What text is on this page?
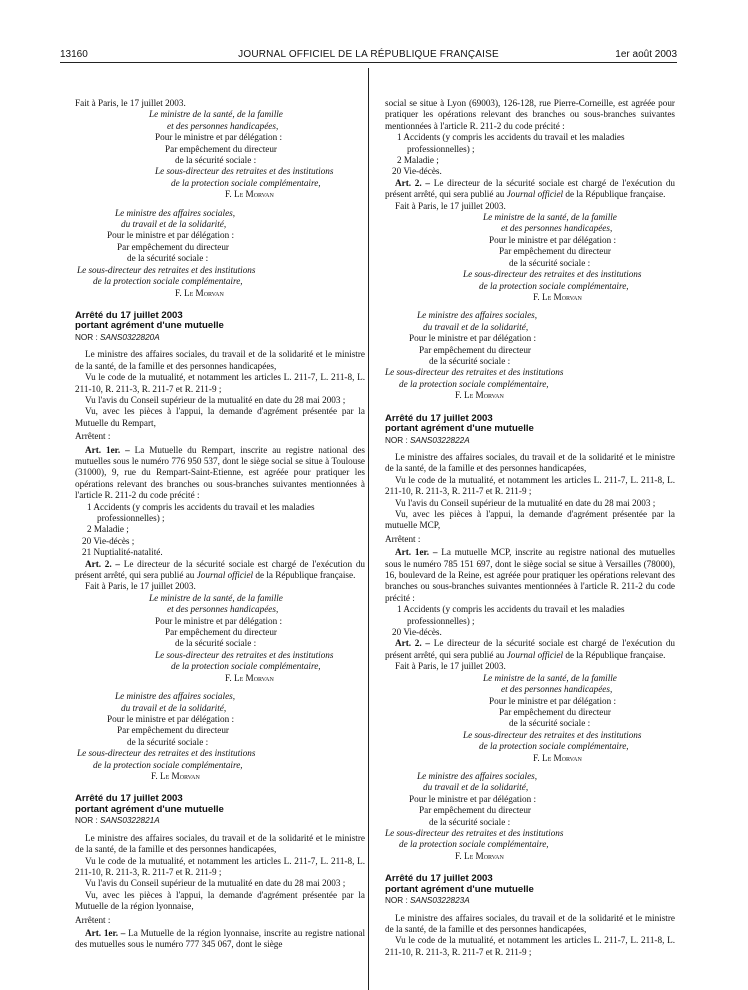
13160	JOURNAL OFFICIEL DE LA RÉPUBLIQUE FRANÇAISE	1er août 2003

Fait à Paris, le 17 juillet 2003.

Le ministre de la santé, de la famille

et des personnes handicapées,

Pour le ministre et par délégation :

Par empêchement du directeur

de la sécurité sociale :

Le sous-directeur des retraites et des institutions

de la protection sociale complémentaire,

F. Le Morvan

Le ministre des affaires sociales,

du travail et de la solidarité,

Pour le ministre et par délégation :

Par empêchement du directeur

de la sécurité sociale :

Le sous-directeur des retraites et des institutions

de la protection sociale complémentaire,

F. Le Morvan

Arrêté du 17 juillet 2003
portant agrément d'une mutuelle

NOR : SANS0322820A

Le ministre des affaires sociales, du travail et de la solidarité et le ministre de la santé, de la famille et des personnes handicapées,

Vu le code de la mutualité, et notamment les articles L. 211-7, L. 211-8, L. 211-10, R. 211-3, R. 211-7 et R. 211-9 ;

Vu l'avis du Conseil supérieur de la mutualité en date du 28 mai 2003 ;

Vu, avec les pièces à l'appui, la demande d'agrément présentée par la Mutuelle du Rempart,

Arrêtent :

Art. 1er. – La Mutuelle du Rempart, inscrite au registre national des mutuelles sous le numéro 776 950 537, dont le siège social se situe à Toulouse (31000), 9, rue du Rempart-Saint-Etienne, est agréée pour pratiquer les opérations relevant des branches ou sous-branches suivantes mentionnées à l'article R. 211-2 du code précité :

1 Accidents (y compris les accidents du travail et les maladies

professionnelles) ;

2 Maladie ;

20 Vie-décès ;

21 Nuptialité-natalité.

Art. 2. – Le directeur de la sécurité sociale est chargé de l'exécution du présent arrêté, qui sera publié au Journal officiel de la République française.

Fait à Paris, le 17 juillet 2003.

Le ministre de la santé, de la famille

et des personnes handicapées,

Pour le ministre et par délégation :

Par empêchement du directeur

de la sécurité sociale :

Le sous-directeur des retraites et des institutions

de la protection sociale complémentaire,

F. Le Morvan

Le ministre des affaires sociales,

du travail et de la solidarité,

Pour le ministre et par délégation :

Par empêchement du directeur

de la sécurité sociale :

Le sous-directeur des retraites et des institutions

de la protection sociale complémentaire,

F. Le Morvan

Arrêté du 17 juillet 2003
portant agrément d'une mutuelle

NOR : SANS0322821A

Le ministre des affaires sociales, du travail et de la solidarité et le ministre de la santé, de la famille et des personnes handicapées,

Vu le code de la mutualité, et notamment les articles L. 211-7, L. 211-8, L. 211-10, R. 211-3, R. 211-7 et R. 211-9 ;

Vu l'avis du Conseil supérieur de la mutualité en date du 28 mai 2003 ;

Vu, avec les pièces à l'appui, la demande d'agrément présentée par la Mutuelle de la région lyonnaise,

Arrêtent :

Art. 1er. – La Mutuelle de la région lyonnaise, inscrite au registre national des mutuelles sous le numéro 777 345 067, dont le siège

social se situe à Lyon (69003), 126-128, rue Pierre-Corneille, est agréée pour pratiquer les opérations relevant des branches ou sous-branches suivantes mentionnées à l'article R. 211-2 du code précité :

1 Accidents (y compris les accidents du travail et les maladies

professionnelles) ;

2 Maladie ;

20 Vie-décès.

Art. 2. – Le directeur de la sécurité sociale est chargé de l'exécution du présent arrêté, qui sera publié au Journal officiel de la République française.

Fait à Paris, le 17 juillet 2003.

Le ministre de la santé, de la famille

et des personnes handicapées,

Pour le ministre et par délégation :

Par empêchement du directeur

de la sécurité sociale :

Le sous-directeur des retraites et des institutions

de la protection sociale complémentaire,

F. Le Morvan

Le ministre des affaires sociales,

du travail et de la solidarité,

Pour le ministre et par délégation :

Par empêchement du directeur

de la sécurité sociale :

Le sous-directeur des retraites et des institutions

de la protection sociale complémentaire,

F. Le Morvan

Arrêté du 17 juillet 2003
portant agrément d'une mutuelle

NOR : SANS0322822A

Le ministre des affaires sociales, du travail et de la solidarité et le ministre de la santé, de la famille et des personnes handicapées,

Vu le code de la mutualité, et notamment les articles L. 211-7, L. 211-8, L. 211-10, R. 211-3, R. 211-7 et R. 211-9 ;

Vu l'avis du Conseil supérieur de la mutualité en date du 28 mai 2003 ;

Vu, avec les pièces à l'appui, la demande d'agrément présentée par la mutuelle MCP,

Arrêtent :

Art. 1er. – La mutuelle MCP, inscrite au registre national des mutuelles sous le numéro 785 151 697, dont le siège social se situe à Versailles (78000), 16, boulevard de la Reine, est agréée pour pratiquer les opérations relevant des branches ou sous-branches suivantes mentionnées à l'article R. 211-2 du code précité :

1 Accidents (y compris les accidents du travail et les maladies

professionnelles) ;

20 Vie-décès.

Art. 2. – Le directeur de la sécurité sociale est chargé de l'exécution du présent arrêté, qui sera publié au Journal officiel de la République française.

Fait à Paris, le 17 juillet 2003.

Le ministre de la santé, de la famille

et des personnes handicapées,

Pour le ministre et par délégation :

Par empêchement du directeur

de la sécurité sociale :

Le sous-directeur des retraites et des institutions

de la protection sociale complémentaire,

F. Le Morvan

Le ministre des affaires sociales,

du travail et de la solidarité,

Pour le ministre et par délégation :

Par empêchement du directeur

de la sécurité sociale :

Le sous-directeur des retraites et des institutions

de la protection sociale complémentaire,

F. Le Morvan

Arrêté du 17 juillet 2003
portant agrément d'une mutuelle

NOR : SANS0322823A

Le ministre des affaires sociales, du travail et de la solidarité et le ministre de la santé, de la famille et des personnes handicapées,

Vu le code de la mutualité, et notamment les articles L. 211-7, L. 211-8, L. 211-10, R. 211-3, R. 211-7 et R. 211-9 ;
